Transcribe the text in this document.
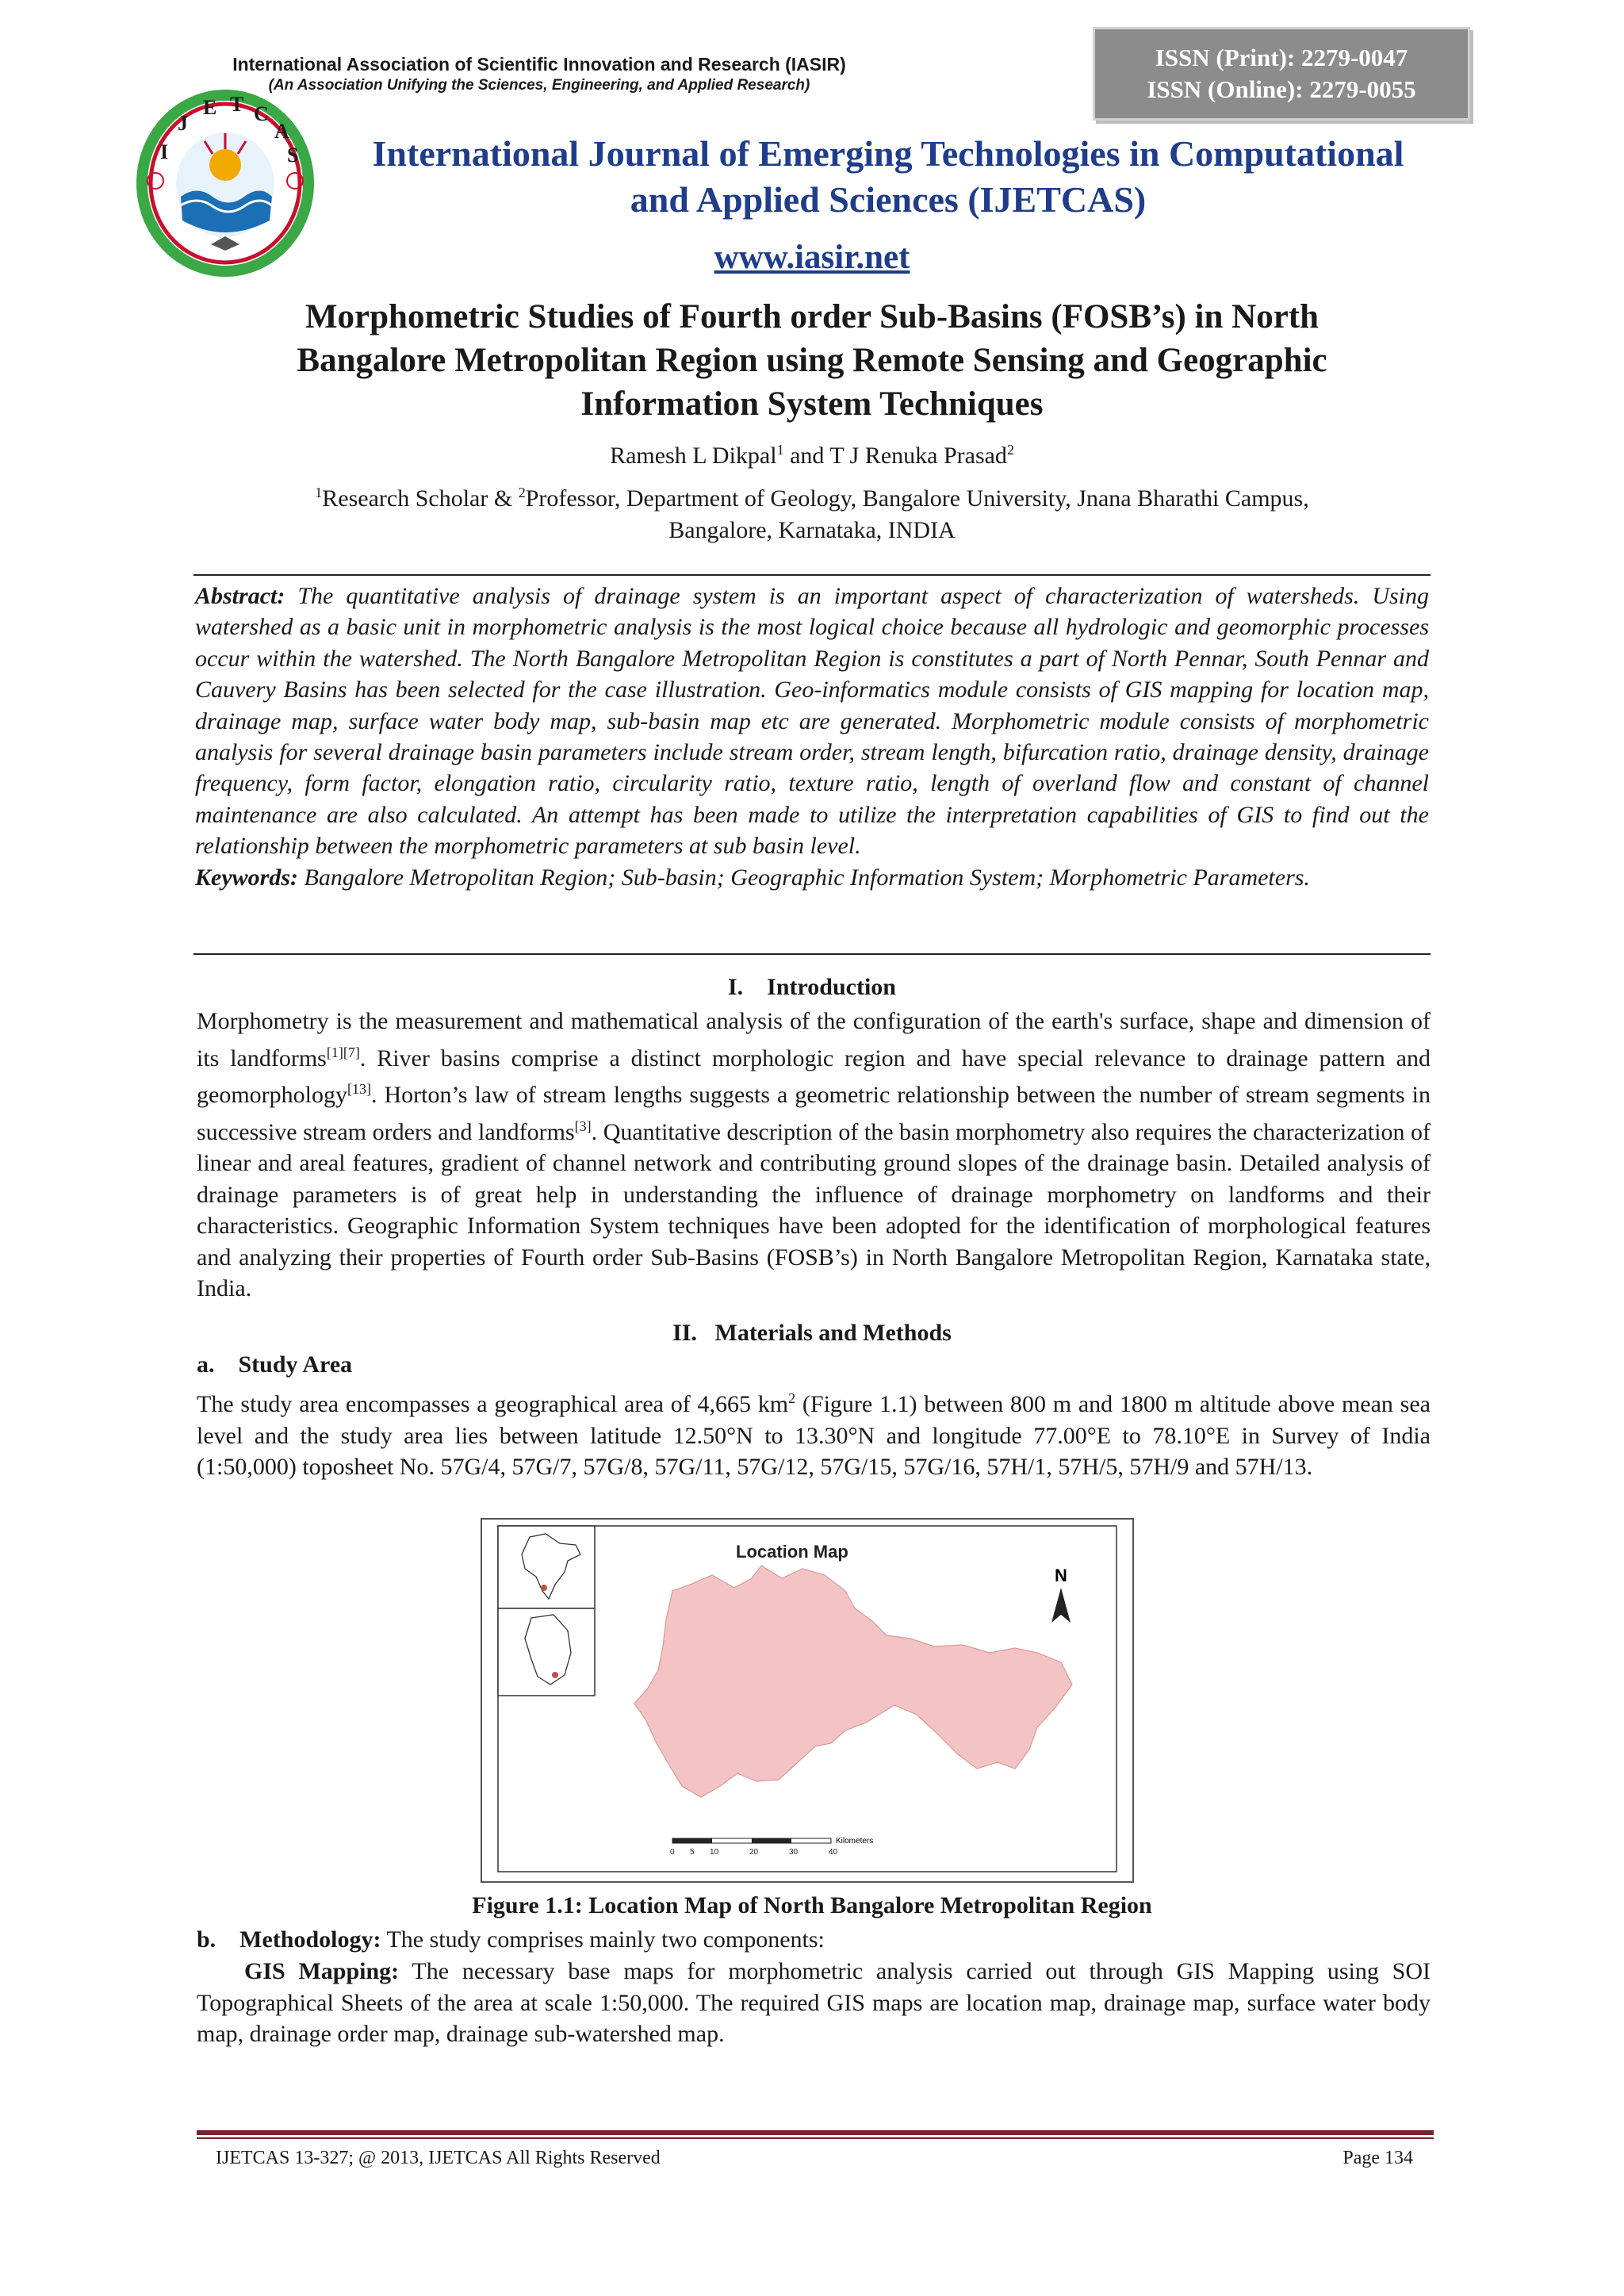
International Association of Scientific Innovation and Research (IASIR)
(An Association Unifying the Sciences, Engineering, and Applied Research)
ISSN (Print): 2279-0047
ISSN (Online): 2279-0055
I
J
E T C
A
S	International Journal of Emerging Technologies in Computational
and Applied Sciences (IJETCAS)
www.iasir.net
Morphometric Studies of Fourth order Sub-Basins (FOSB’s) in North
Bangalore Metropolitan Region using Remote Sensing and Geographic
Information System Techniques
Ramesh L Dikpal$^1$ and T J Renuka Prasad$^2$
$^1$Research Scholar & $^2$Professor, Department of Geology, Bangalore University, Jnana Bharathi Campus,
Bangalore, Karnataka, INDIA
Abstract: The quantitative analysis of drainage system is an important aspect of characterization of watersheds. Using watershed as a basic unit in morphometric analysis is the most logical choice because all hydrologic and geomorphic processes occur within the watershed. The North Bangalore Metropolitan Region is constitutes a part of North Pennar, South Pennar and Cauvery Basins has been selected for the case illustration. Geo-informatics module consists of GIS mapping for location map, drainage map, surface water body map, sub-basin map etc are generated. Morphometric module consists of morphometric analysis for several drainage basin parameters include stream order, stream length, bifurcation ratio, drainage density, drainage frequency, form factor, elongation ratio, circularity ratio, texture ratio, length of overland flow and constant of channel maintenance are also calculated. An attempt has been made to utilize the interpretation capabilities of GIS to find out the relationship between the morphometric parameters at sub basin level.
Keywords: Bangalore Metropolitan Region; Sub-basin; Geographic Information System; Morphometric Parameters.
I.    Introduction
Morphometry is the measurement and mathematical analysis of the configuration of the earth's surface, shape and dimension of its landforms[1][7]. River basins comprise a distinct morphologic region and have special relevance to drainage pattern and geomorphology[13]. Horton’s law of stream lengths suggests a geometric relationship between the number of stream segments in successive stream orders and landforms[3]. Quantitative description of the basin morphometry also requires the characterization of linear and areal features, gradient of channel network and contributing ground slopes of the drainage basin. Detailed analysis of drainage parameters is of great help in understanding the influence of drainage morphometry on landforms and their characteristics. Geographic Information System techniques have been adopted for the identification of morphological features and analyzing their properties of Fourth order Sub-Basins (FOSB’s) in North Bangalore Metropolitan Region, Karnataka state, India.
II.   Materials and Methods
a.    Study Area
The study area encompasses a geographical area of 4,665 $km^2$ (Figure 1.1) between 800 m and 1800 m altitude above mean sea level and the study area lies between latitude 12.50°N to 13.30°N and longitude 77.00°E to 78.10°E in Survey of India (1:50,000) toposheet No. 57G/4, 57G/7, 57G/8, 57G/11, 57G/12, 57G/15, 57G/16, 57H/1, 57H/5, 57H/9 and 57H/13.
Location Map
N
0 5 10	20	30	40
Kilometers
Figure 1.1: Location Map of North Bangalore Metropolitan Region
b.    Methodology: The study comprises mainly two components:
GIS Mapping: The necessary base maps for morphometric analysis carried out through GIS Mapping using SOI Topographical Sheets of the area at scale 1:50,000. The required GIS maps are location map, drainage map, surface water body map, drainage order map, drainage sub-watershed map.
IJETCAS 13-327; @ 2013, IJETCAS All Rights Reserved	Page 134
